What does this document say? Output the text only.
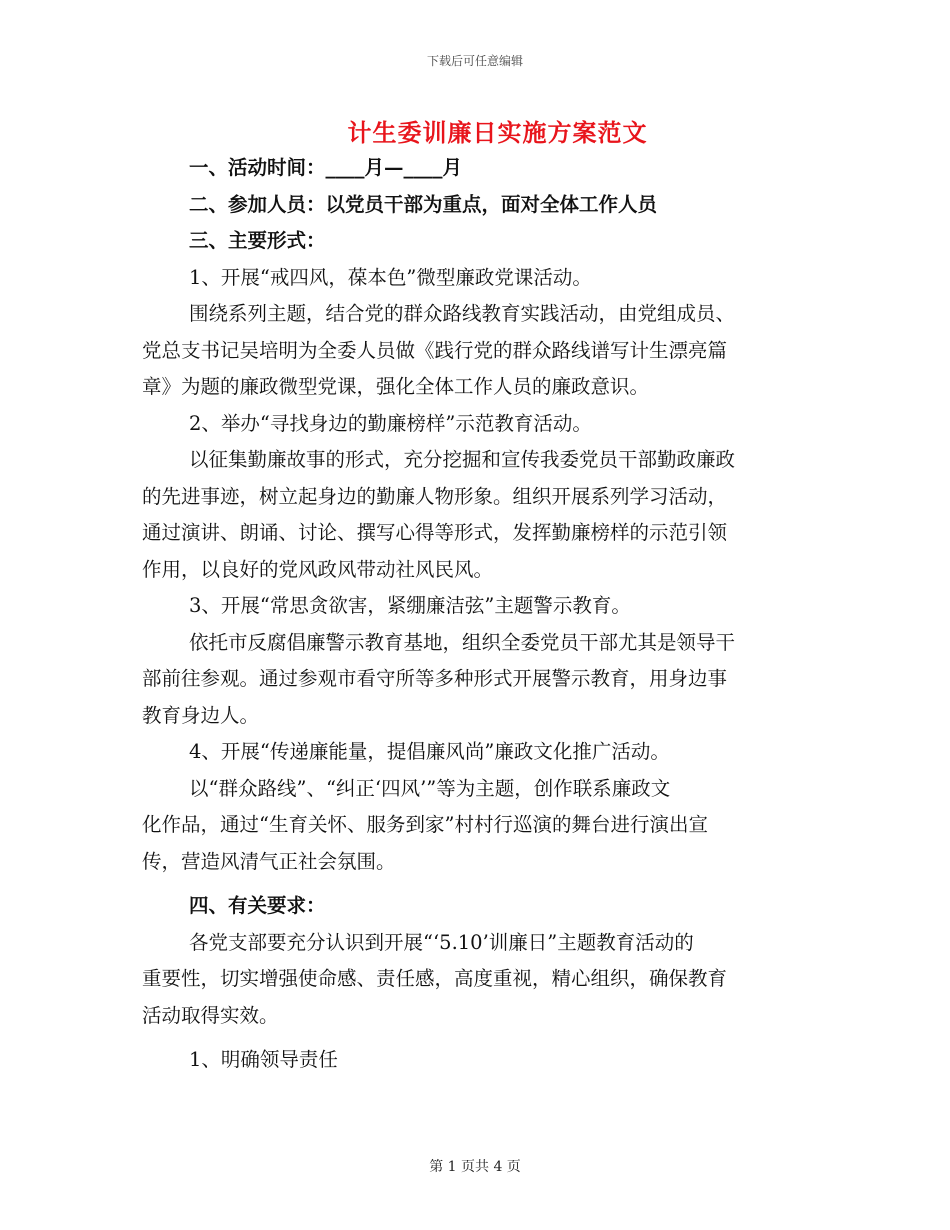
下载后可任意编辑
计生委训廉日实施方案范文
一、活动时间：____月—____月
二、参加人员：以党员干部为重点，面对全体工作人员
三、主要形式：
1、开展“戒四风，葆本色”微型廉政党课活动。
围绕系列主题，结合党的群众路线教育实践活动，由党组成员、
党总支书记吴培明为全委人员做《践行党的群众路线谱写计生漂亮篇
章》为题的廉政微型党课，强化全体工作人员的廉政意识。
2、举办“寻找身边的勤廉榜样”示范教育活动。
以征集勤廉故事的形式，充分挖掘和宣传我委党员干部勤政廉政
的先进事迹，树立起身边的勤廉人物形象。组织开展系列学习活动，
通过演讲、朗诵、讨论、撰写心得等形式，发挥勤廉榜样的示范引领
作用，以良好的党风政风带动社风民风。
3、开展“常思贪欲害，紧绷廉洁弦”主题警示教育。
依托市反腐倡廉警示教育基地，组织全委党员干部尤其是领导干
部前往参观。通过参观市看守所等多种形式开展警示教育，用身边事
教育身边人。
4、开展“传递廉能量，提倡廉风尚”廉政文化推广活动。
以“群众路线”、“纠正‘四风’”等为主题，创作联系廉政文
化作品，通过“生育关怀、服务到家”村村行巡演的舞台进行演出宣
传，营造风清气正社会氛围。
四、有关要求：
各党支部要充分认识到开展“‘5.10’训廉日”主题教育活动的
重要性，切实增强使命感、责任感，高度重视，精心组织，确保教育
活动取得实效。
1、明确领导责任
第 1 页共 4 页
